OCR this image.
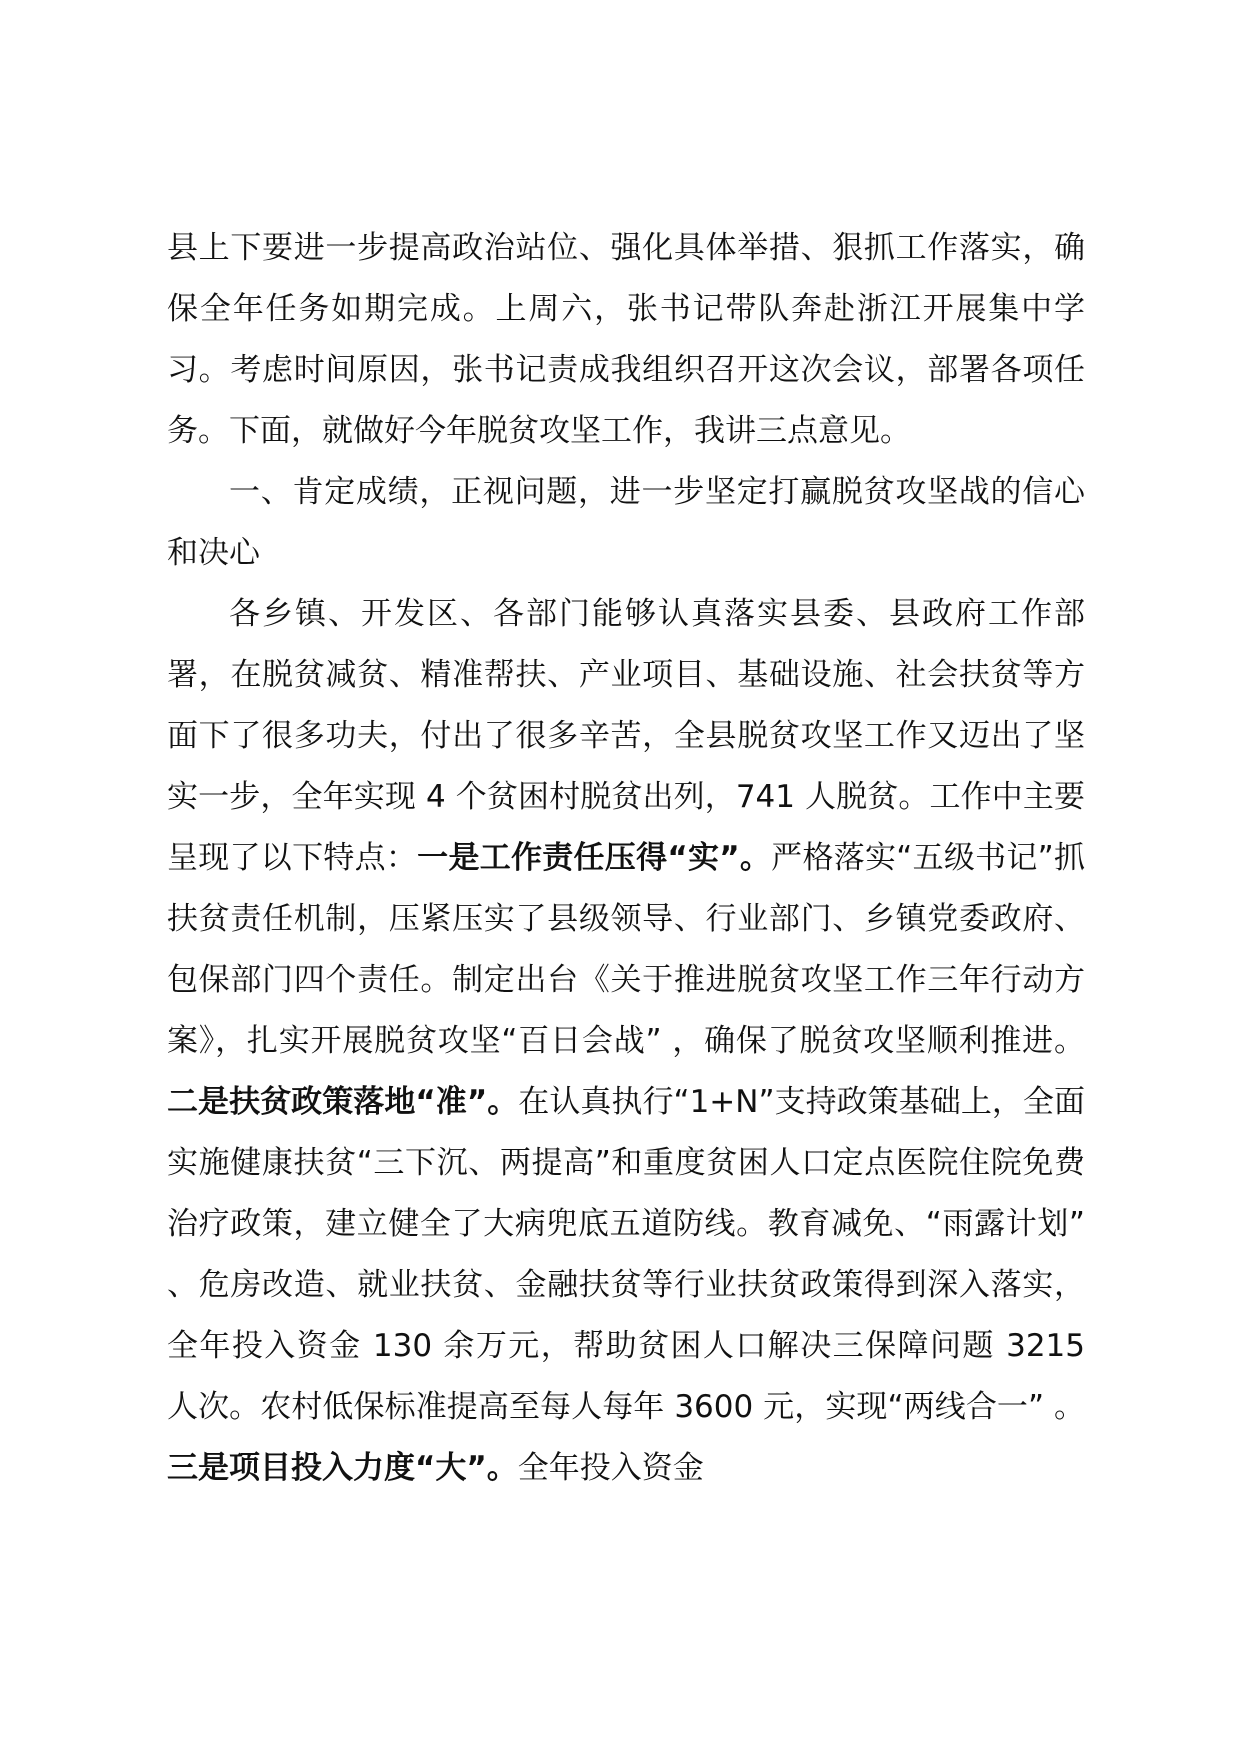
县上下要进一步提高政治站位、强化具体举措、狠抓工作落实，确保全年任务如期完成。上周六，张书记带队奔赴浙江开展集中学习。考虑时间原因，张书记责成我组织召开这次会议，部署各项任务。下面，就做好今年脱贫攻坚工作，我讲三点意见。

一、肯定成绩，正视问题，进一步坚定打赢脱贫攻坚战的信心和决心

各乡镇、开发区、各部门能够认真落实县委、县政府工作部署，在脱贫减贫、精准帮扶、产业项目、基础设施、社会扶贫等方面下了很多功夫，付出了很多辛苦，全县脱贫攻坚工作又迈出了坚实一步，全年实现 4 个贫困村脱贫出列，741 人脱贫。工作中主要呈现了以下特点：一是工作责任压得“实”。严格落实“五级书记”抓扶贫责任机制，压紧压实了县级领导、行业部门、乡镇党委政府、包保部门四个责任。制定出台《关于推进脱贫攻坚工作三年行动方案》，扎实开展脱贫攻坚“百日会战” ，确保了脱贫攻坚顺利推进。二是扶贫政策落地“准”。在认真执行“1+N”支持政策基础上，全面实施健康扶贫“三下沉、两提高”和重度贫困人口定点医院住院免费治疗政策，建立健全了大病兜底五道防线。教育减免、“雨露计划” 、危房改造、就业扶贫、金融扶贫等行业扶贫政策得到深入落实，全年投入资金 130 余万元，帮助贫困人口解决三保障问题 3215 人次。农村低保标准提高至每人每年 3600 元，实现“两线合一” 。三是项目投入力度“大”。全年投入资金
